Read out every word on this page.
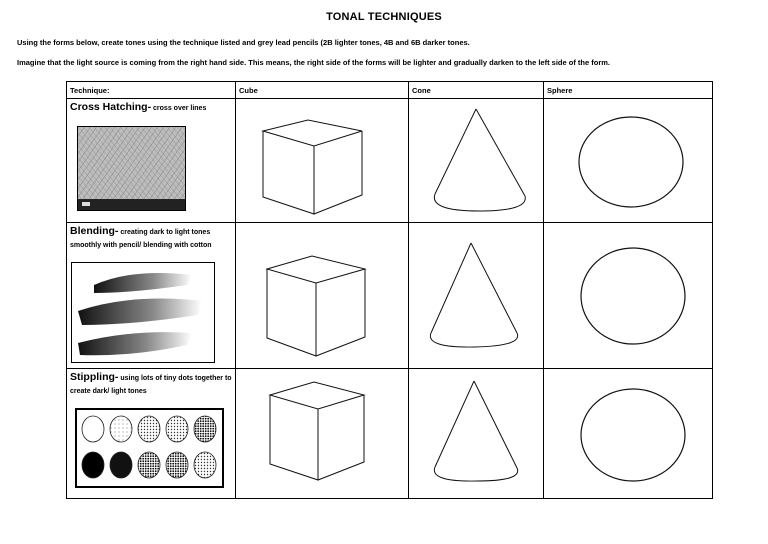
TONAL TECHNIQUES
Using the forms below, create tones using the technique listed and grey lead pencils (2B lighter tones, 4B and 6B darker tones.
Imagine that the light source is coming from the right hand side. This means, the right side of the forms will be lighter and gradually darken to the left side of the form.
Technique:	Cube	Cone	Sphere

Cross Hatching- cross over lines

Blending- creating dark to light tones smoothly with pencil/ blending with cotton

Stippling- using lots of tiny dots together to create dark/ light tones
